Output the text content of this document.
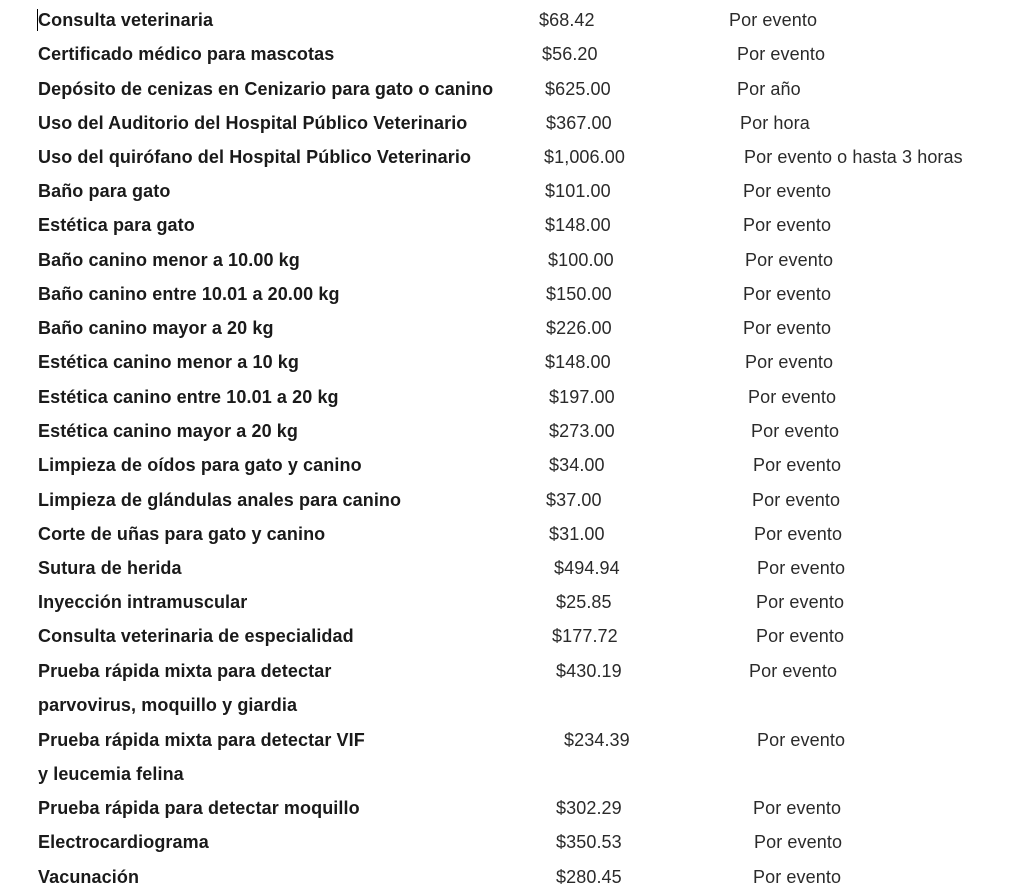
Consulta veterinaria	$68.42	Por evento
Certificado médico para mascotas	$56.20	Por evento
Depósito de cenizas en Cenizario para gato o canino	$625.00	Por año
Uso del Auditorio del Hospital Público Veterinario	$367.00	Por hora
Uso del quirófano del Hospital Público Veterinario	$1,006.00	Por evento o hasta 3 horas
Baño para gato	$101.00	Por evento
Estética para gato	$148.00	Por evento
Baño canino menor a 10.00 kg	$100.00	Por evento
Baño canino entre 10.01 a 20.00 kg	$150.00	Por evento
Baño canino mayor a 20 kg	$226.00	Por evento
Estética canino menor a 10 kg	$148.00	Por evento
Estética canino entre 10.01 a 20 kg	$197.00	Por evento
Estética canino mayor a 20 kg	$273.00	Por evento
Limpieza de oídos para gato y canino	$34.00	Por evento
Limpieza de glándulas anales para canino	$37.00	Por evento
Corte de uñas para gato y canino	$31.00	Por evento
Sutura de herida	$494.94	Por evento
Inyección intramuscular	$25.85	Por evento
Consulta veterinaria de especialidad	$177.72	Por evento
Prueba rápida mixta para detectar
parvovirus, moquillo y giardia
$430.19	Por evento
Prueba rápida mixta para detectar VIF
y leucemia felina
$234.39	Por evento
Prueba rápida para detectar moquillo	$302.29	Por evento
Electrocardiograma	$350.53	Por evento
Vacunación	$280.45	Por evento
